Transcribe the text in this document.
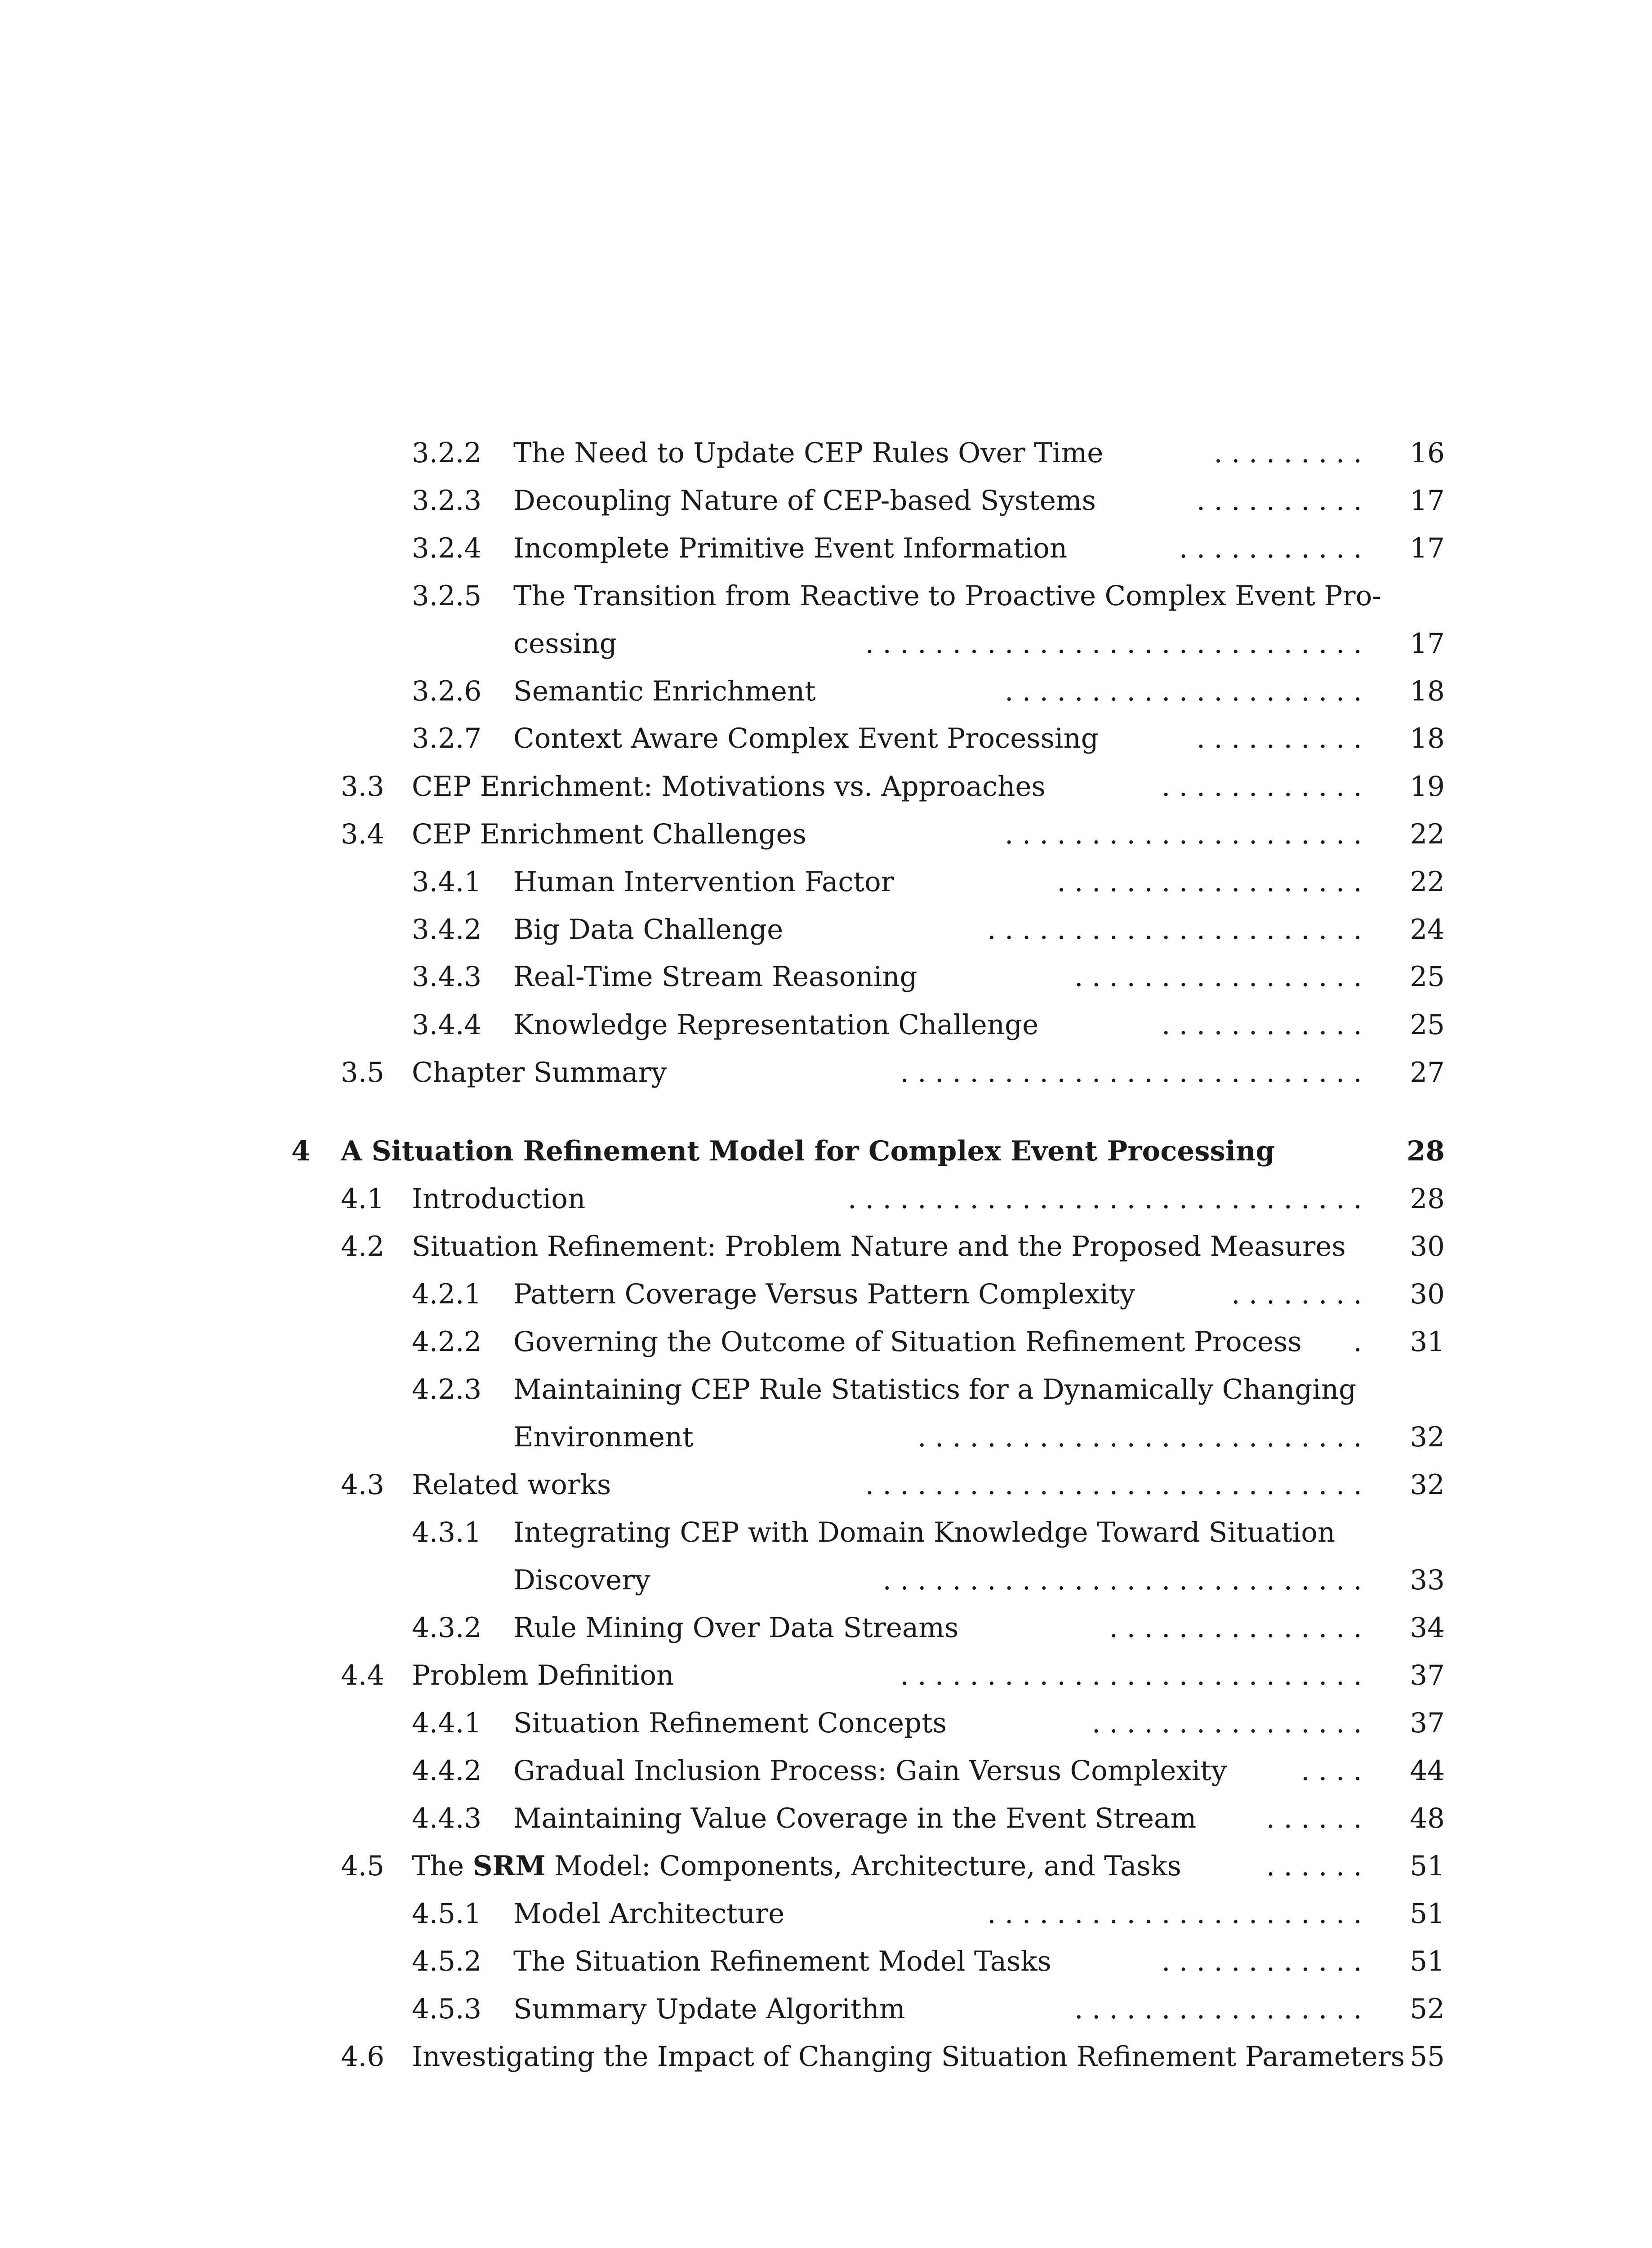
3.2.2 The Need to Update CEP Rules Over Time	16
. . . . . . . . .
3.2.3 Decoupling Nature of CEP-based Systems	17
. . . . . . . . . .
3.2.4 Incomplete Primitive Event Information	17
. . . . . . . . . . .
3.2.5 The Transition from Reactive to Proactive Complex Event Pro-
cessing	17
. . . . . . . . . . . . . . . . . . . . . . . . . . . . .
3.2.6 Semantic Enrichment	18
. . . . . . . . . . . . . . . . . . . . .
3.2.7 Context Aware Complex Event Processing	18
. . . . . . . . . .
3.3 CEP Enrichment: Motivations vs. Approaches	19
. . . . . . . . . . . .
3.4 CEP Enrichment Challenges	22
. . . . . . . . . . . . . . . . . . . . .
3.4.1 Human Intervention Factor	22
. . . . . . . . . . . . . . . . . .
3.4.2 Big Data Challenge	24
. . . . . . . . . . . . . . . . . . . . . .
3.4.3 Real-Time Stream Reasoning	25
. . . . . . . . . . . . . . . . .
3.4.4 Knowledge Representation Challenge	25
. . . . . . . . . . . .
3.5 Chapter Summary	27
. . . . . . . . . . . . . . . . . . . . . . . . . . .
4 A Situation Refinement Model for Complex Event Processing	28
4.1 Introduction	28
. . . . . . . . . . . . . . . . . . . . . . . . . . . . . .
4.2 Situation Refinement: Problem Nature and the Proposed Measures	30
4.2.1 Pattern Coverage Versus Pattern Complexity	30
. . . . . . . .
4.2.2 Governing the Outcome of Situation Refinement Process	31
.
4.2.3 Maintaining CEP Rule Statistics for a Dynamically Changing
Environment	32
. . . . . . . . . . . . . . . . . . . . . . . . . .
4.3 Related works	32
. . . . . . . . . . . . . . . . . . . . . . . . . . . . .
4.3.1 Integrating CEP with Domain Knowledge Toward Situation
Discovery	33
. . . . . . . . . . . . . . . . . . . . . . . . . . . .
4.3.2 Rule Mining Over Data Streams	34
. . . . . . . . . . . . . . .
4.4 Problem Definition	37
. . . . . . . . . . . . . . . . . . . . . . . . . . .
4.4.1 Situation Refinement Concepts	37
. . . . . . . . . . . . . . . .
4.4.2 Gradual Inclusion Process: Gain Versus Complexity	44
. . . .
4.4.3 Maintaining Value Coverage in the Event Stream	48
. . . . . .
4.5 The SRM Model: Components, Architecture, and Tasks	51
. . . . . .
4.5.1 Model Architecture	51
. . . . . . . . . . . . . . . . . . . . . .
4.5.2 The Situation Refinement Model Tasks	51
. . . . . . . . . . . .
4.5.3 Summary Update Algorithm	52
. . . . . . . . . . . . . . . . .
4.6 Investigating the Impact of Changing Situation Refinement Parameters 55
